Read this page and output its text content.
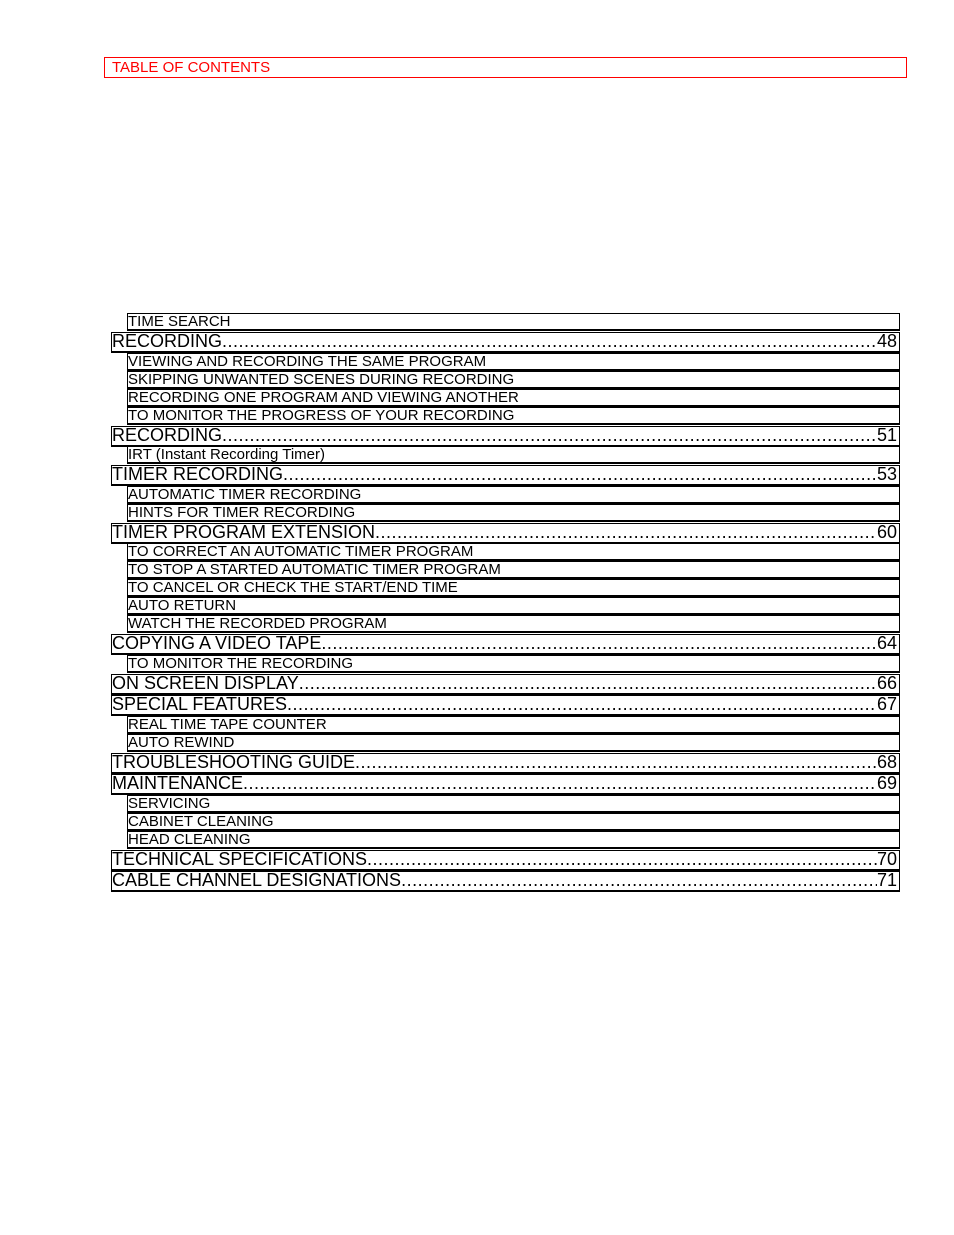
TABLE OF CONTENTS
TIME SEARCH
RECORDING .....	48
VIEWING AND RECORDING THE SAME PROGRAM
SKIPPING UNWANTED SCENES DURING RECORDING
RECORDING ONE PROGRAM AND VIEWING ANOTHER
TO MONITOR THE PROGRESS OF YOUR RECORDING
RECORDING .....	51
IRT (Instant Recording Timer)
TIMER RECORDING .....	53
AUTOMATIC TIMER RECORDING
HINTS FOR TIMER RECORDING
TIMER PROGRAM EXTENSION .....	60
TO CORRECT AN AUTOMATIC TIMER PROGRAM
TO STOP A STARTED AUTOMATIC TIMER PROGRAM
TO CANCEL OR CHECK THE START/END TIME
AUTO RETURN
WATCH THE RECORDED PROGRAM
COPYING A VIDEO TAPE .....	64
TO MONITOR THE RECORDING
ON SCREEN DISPLAY .....	66
SPECIAL FEATURES .....	67
REAL TIME TAPE COUNTER
AUTO REWIND
TROUBLESHOOTING GUIDE .....	68
MAINTENANCE .....	69
SERVICING
CABINET CLEANING
HEAD CLEANING
TECHNICAL SPECIFICATIONS .....	70
CABLE CHANNEL DESIGNATIONS .....	71
